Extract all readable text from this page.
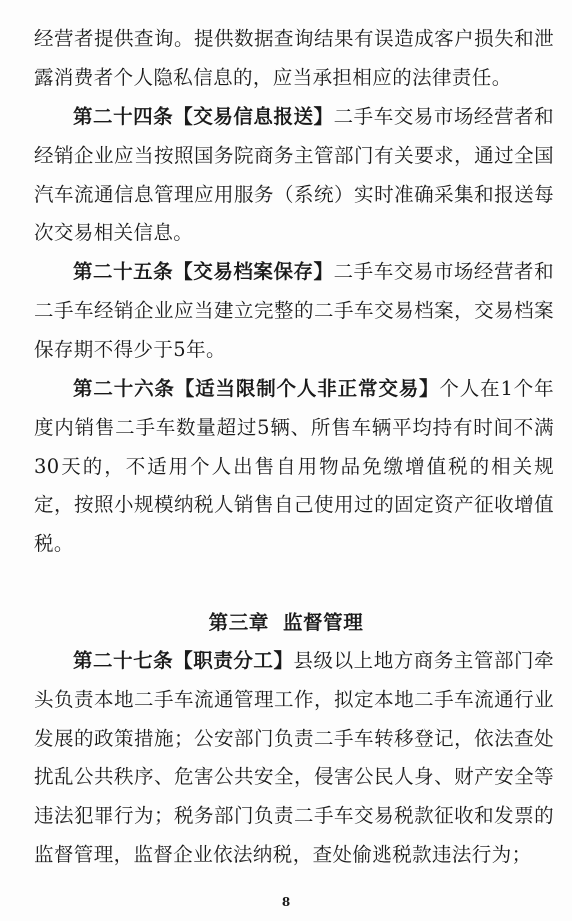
经营者提供查询。提供数据查询结果有误造成客户损失和泄露消费者个人隐私信息的，应当承担相应的法律责任。
第二十四条【交易信息报送】二手车交易市场经营者和经销企业应当按照国务院商务主管部门有关要求，通过全国汽车流通信息管理应用服务（系统）实时准确采集和报送每次交易相关信息。
第二十五条【交易档案保存】二手车交易市场经营者和二手车经销企业应当建立完整的二手车交易档案，交易档案保存期不得少于5年。
第二十六条【适当限制个人非正常交易】个人在1个年度内销售二手车数量超过5辆、所售车辆平均持有时间不满30天的，不适用个人出售自用物品免缴增值税的相关规定，按照小规模纳税人销售自己使用过的固定资产征收增值税。
第三章 监督管理
第二十七条【职责分工】县级以上地方商务主管部门牵头负责本地二手车流通管理工作，拟定本地二手车流通行业发展的政策措施；公安部门负责二手车转移登记，依法查处扰乱公共秩序、危害公共安全，侵害公民人身、财产安全等违法犯罪行为；税务部门负责二手车交易税款征收和发票的监督管理，监督企业依法纳税，查处偷逃税款违法行为；
8
